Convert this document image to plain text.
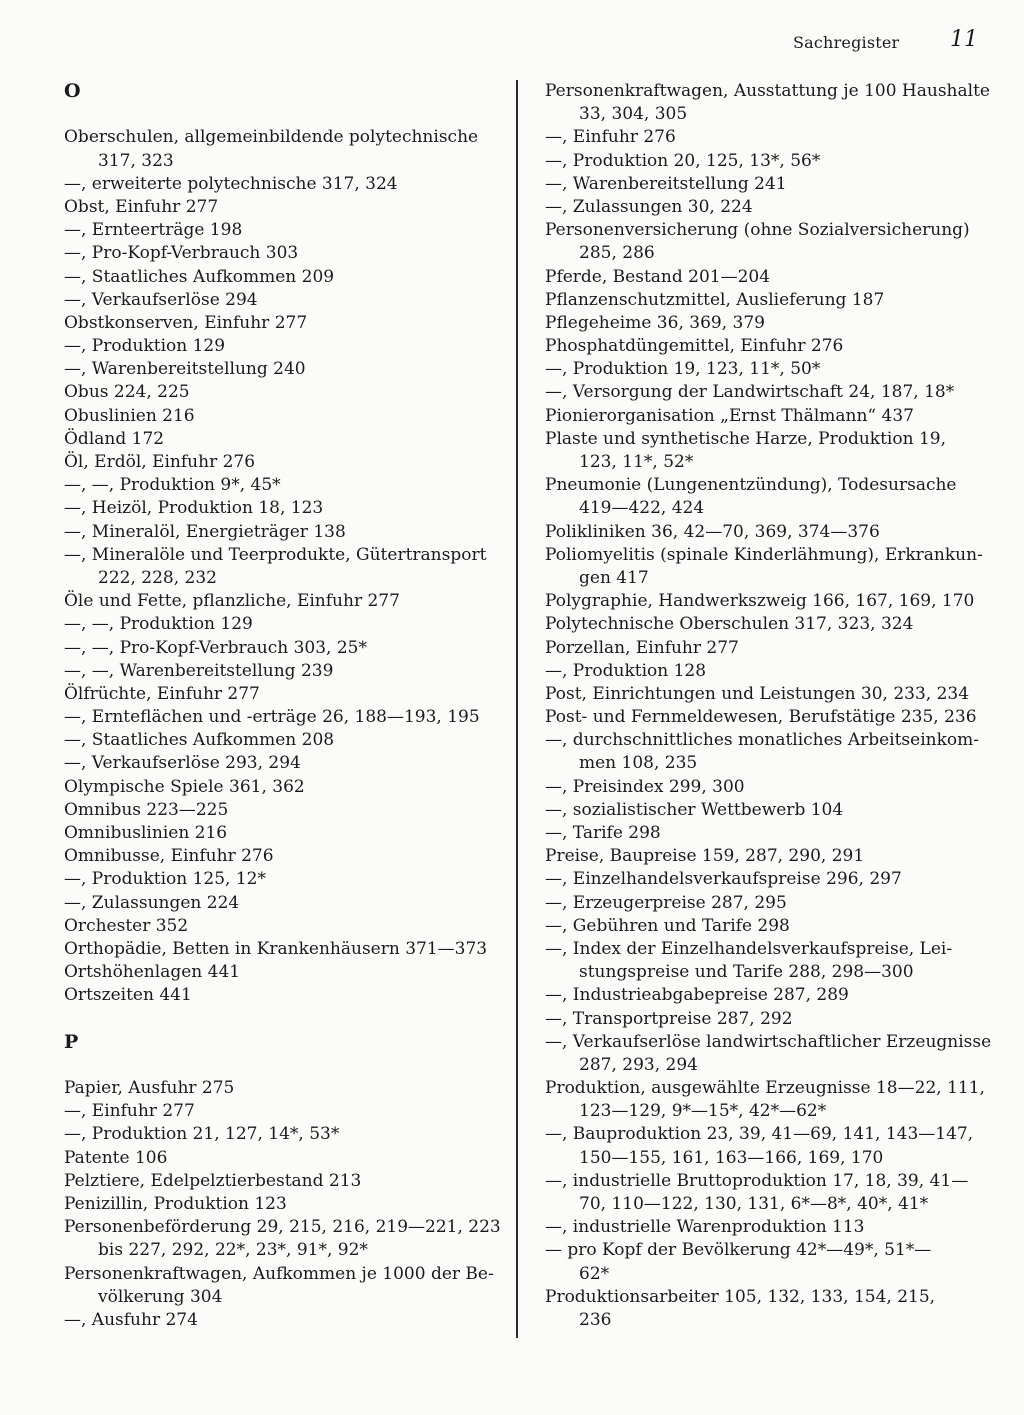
Sachregister 11
O
Oberschulen, allgemeinbildende polytechnische
317, 323
—, erweiterte polytechnische 317, 324
Obst, Einfuhr 277
—, Ernteerträge 198
—, Pro-Kopf-Verbrauch 303
—, Staatliches Aufkommen 209
—, Verkaufserlöse 294
Obstkonserven, Einfuhr 277
—, Produktion 129
—, Warenbereitstellung 240
Obus 224, 225
Obuslinien 216
Ödland 172
Öl, Erdöl, Einfuhr 276
—, —, Produktion 9*, 45*
—, Heizöl, Produktion 18, 123
—, Mineralöl, Energieträger 138
—, Mineralöle und Teerprodukte, Gütertransport
222, 228, 232
Öle und Fette, pflanzliche, Einfuhr 277
—, —, Produktion 129
—, —, Pro-Kopf-Verbrauch 303, 25*
—, —, Warenbereitstellung 239
Ölfrüchte, Einfuhr 277
—, Ernteflächen und -erträge 26, 188—193, 195
—, Staatliches Aufkommen 208
—, Verkaufserlöse 293, 294
Olympische Spiele 361, 362
Omnibus 223—225
Omnibuslinien 216
Omnibusse, Einfuhr 276
—, Produktion 125, 12*
—, Zulassungen 224
Orchester 352
Orthopädie, Betten in Krankenhäusern 371—373
Ortshöhenlagen 441
Ortszeiten 441
P
Papier, Ausfuhr 275
—, Einfuhr 277
—, Produktion 21, 127, 14*, 53*
Patente 106
Pelztiere, Edelpelztierbestand 213
Penizillin, Produktion 123
Personenbeförderung 29, 215, 216, 219—221, 223
bis 227, 292, 22*, 23*, 91*, 92*
Personenkraftwagen, Aufkommen je 1000 der Be-
völkerung 304
—, Ausfuhr 274
Personenkraftwagen, Ausstattung je 100 Haushalte
33, 304, 305
—, Einfuhr 276
—, Produktion 20, 125, 13*, 56*
—, Warenbereitstellung 241
—, Zulassungen 30, 224
Personenversicherung (ohne Sozialversicherung)
285, 286
Pferde, Bestand 201—204
Pflanzenschutzmittel, Auslieferung 187
Pflegeheime 36, 369, 379
Phosphatdüngemittel, Einfuhr 276
—, Produktion 19, 123, 11*, 50*
—, Versorgung der Landwirtschaft 24, 187, 18*
Pionierorganisation „Ernst Thälmann“ 437
Plaste und synthetische Harze, Produktion 19,
123, 11*, 52*
Pneumonie (Lungenentzündung), Todesursache
419—422, 424
Polikliniken 36, 42—70, 369, 374—376
Poliomyelitis (spinale Kinderlähmung), Erkrankun-
gen 417
Polygraphie, Handwerkszweig 166, 167, 169, 170
Polytechnische Oberschulen 317, 323, 324
Porzellan, Einfuhr 277
—, Produktion 128
Post, Einrichtungen und Leistungen 30, 233, 234
Post- und Fernmeldewesen, Berufstätige 235, 236
—, durchschnittliches monatliches Arbeitseinkom-
men 108, 235
—, Preisindex 299, 300
—, sozialistischer Wettbewerb 104
—, Tarife 298
Preise, Baupreise 159, 287, 290, 291
—, Einzelhandelsverkaufspreise 296, 297
—, Erzeugerpreise 287, 295
—, Gebühren und Tarife 298
—, Index der Einzelhandelsverkaufspreise, Lei-
stungspreise und Tarife 288, 298—300
—, Industrieabgabepreise 287, 289
—, Transportpreise 287, 292
—, Verkaufserlöse landwirtschaftlicher Erzeugnisse
287, 293, 294
Produktion, ausgewählte Erzeugnisse 18—22, 111,
123—129, 9*—15*, 42*—62*
—, Bauproduktion 23, 39, 41—69, 141, 143—147,
150—155, 161, 163—166, 169, 170
—, industrielle Bruttoproduktion 17, 18, 39, 41—
70, 110—122, 130, 131, 6*—8*, 40*, 41*
—, industrielle Warenproduktion 113
— pro Kopf der Bevölkerung 42*—49*, 51*—
62*
Produktionsarbeiter 105, 132, 133, 154, 215,
236
